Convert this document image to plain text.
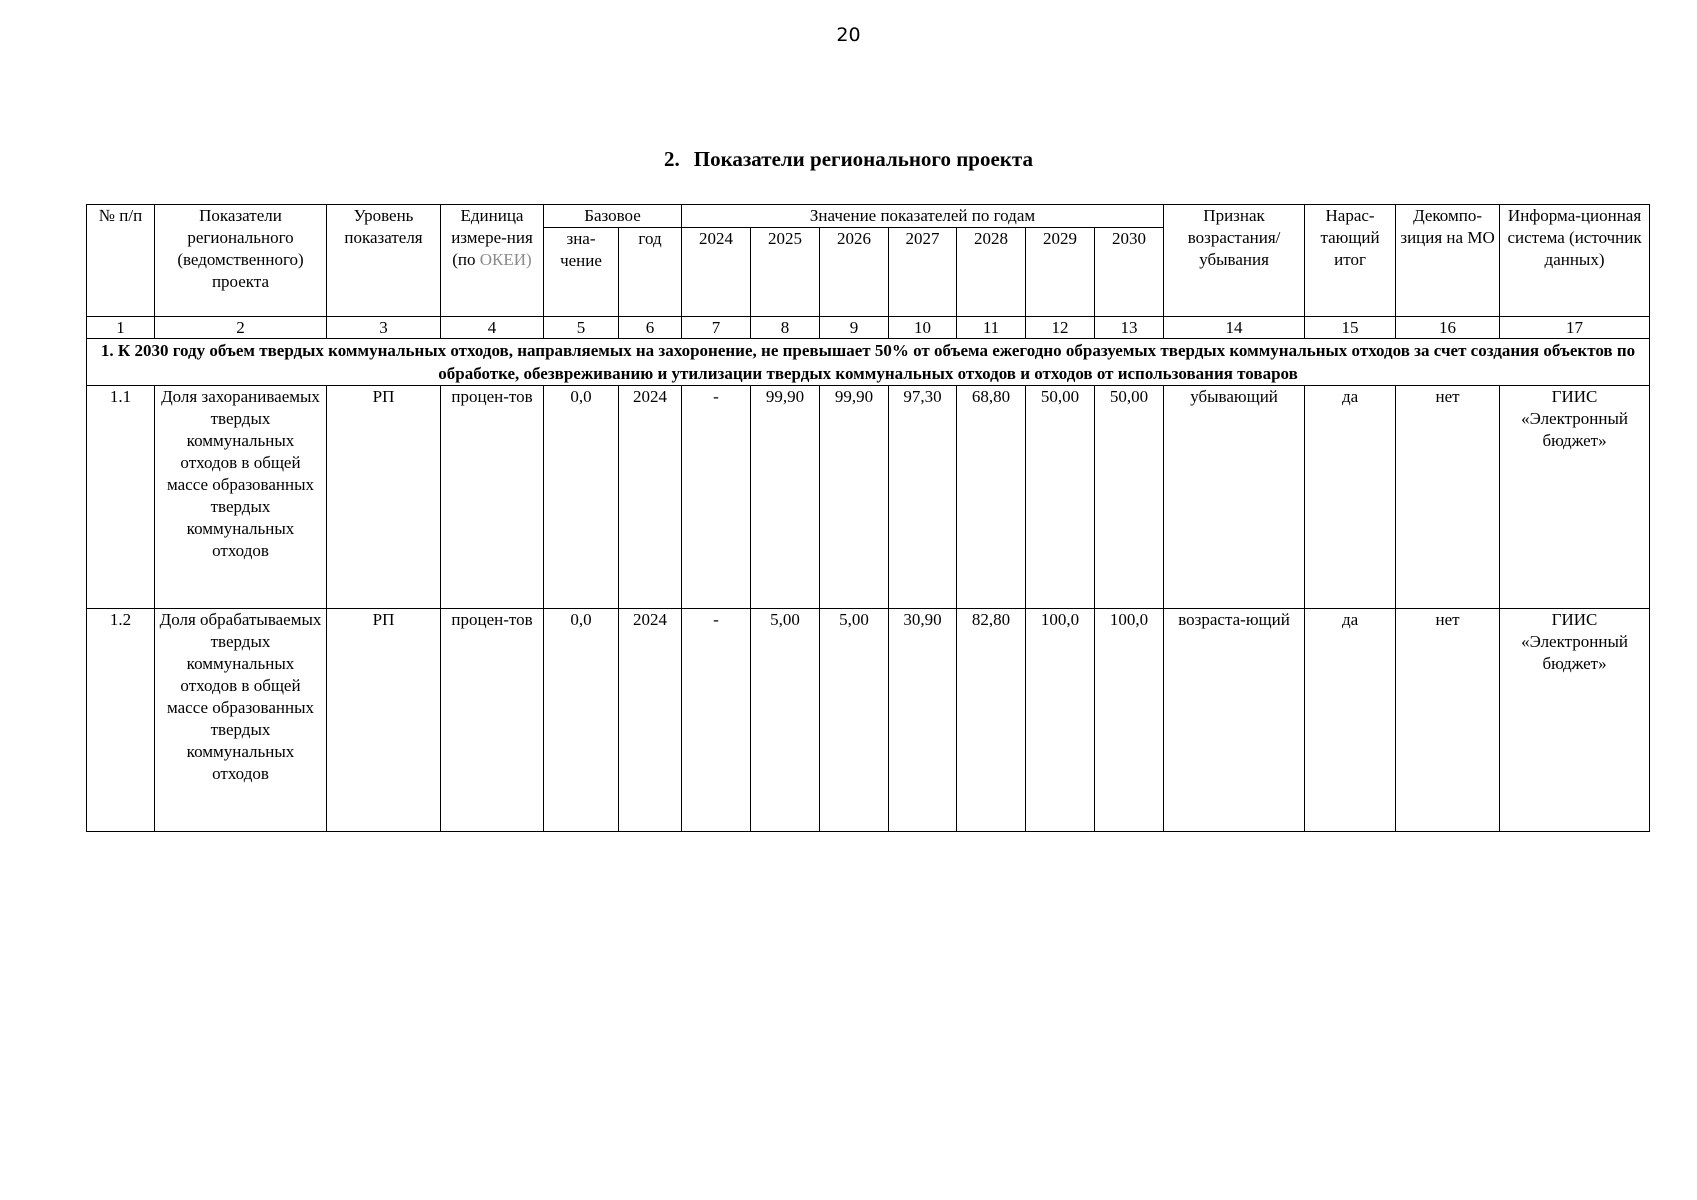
20
2. Показатели регионального проекта
№ п/п	Показатели регионального (ведомственного) проекта	Уровень показателя	Единица измере-ния (по ОКЕИ)	Базовое		Значение показателей по годам							Признак возрастания/ убывания	Нарас-тающий итог	Декомпо-зиция на МО	Информа-ционная система (источник данных)
				зна-чение	год	2024	2025	2026	2027	2028	2029	2030				
1	2	3	4	5	6	7	8	9	10	11	12	13	14	15	16	17
1. К 2030 году объем твердых коммунальных отходов, направляемых на захоронение, не превышает 50% от объема ежегодно образуемых твердых коммунальных отходов за счет создания объектов по обработке, обезвреживанию и утилизации твердых коммунальных отходов и отходов от использования товаров																
1.1	Доля захораниваемых твердых коммунальных отходов в общей массе образованных твердых коммунальных отходов	РП	процен-тов	0,0	2024	-	99,90	99,90	97,30	68,80	50,00	50,00	убывающий	да	нет	ГИИС «Электронный бюджет»
1.2	Доля обрабатываемых твердых коммунальных отходов в общей массе образованных твердых коммунальных отходов	РП	процен-тов	0,0	2024	-	5,00	5,00	30,90	82,80	100,0	100,0	возраста-ющий	да	нет	ГИИС «Электронный бюджет»
